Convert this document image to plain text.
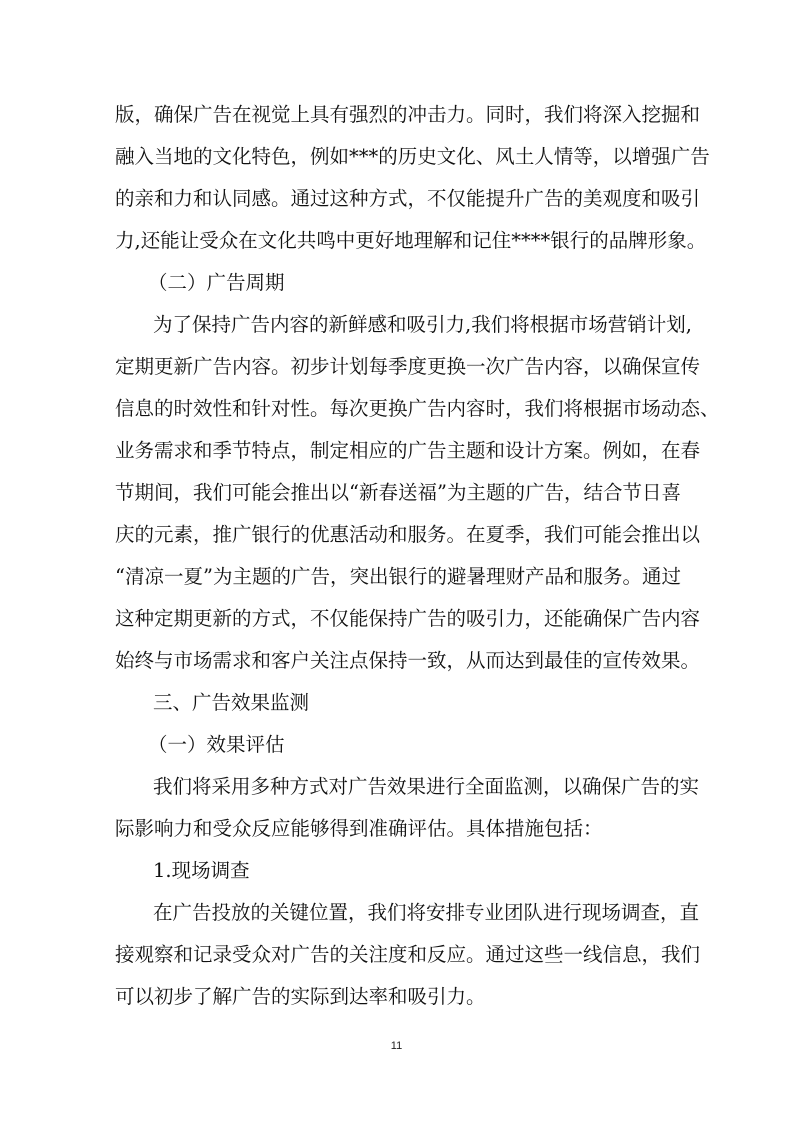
版，确保广告在视觉上具有强烈的冲击力。同时，我们将深入挖掘和
融入当地的文化特色，例如***的历史文化、风土人情等，以增强广告
的亲和力和认同感。通过这种方式，不仅能提升广告的美观度和吸引
力,还能让受众在文化共鸣中更好地理解和记住****银行的品牌形象。
（二）广告周期
为了保持广告内容的新鲜感和吸引力,我们将根据市场营销计划,
定期更新广告内容。初步计划每季度更换一次广告内容，以确保宣传
信息的时效性和针对性。每次更换广告内容时，我们将根据市场动态、
业务需求和季节特点，制定相应的广告主题和设计方案。例如，在春
节期间，我们可能会推出以“新春送福”为主题的广告，结合节日喜
庆的元素，推广银行的优惠活动和服务。在夏季，我们可能会推出以
“清凉一夏”为主题的广告，突出银行的避暑理财产品和服务。通过
这种定期更新的方式，不仅能保持广告的吸引力，还能确保广告内容
始终与市场需求和客户关注点保持一致，从而达到最佳的宣传效果。
三、广告效果监测
（一）效果评估
我们将采用多种方式对广告效果进行全面监测，以确保广告的实
际影响力和受众反应能够得到准确评估。具体措施包括：
1.现场调查
在广告投放的关键位置，我们将安排专业团队进行现场调查，直
接观察和记录受众对广告的关注度和反应。通过这些一线信息，我们
可以初步了解广告的实际到达率和吸引力。
11
